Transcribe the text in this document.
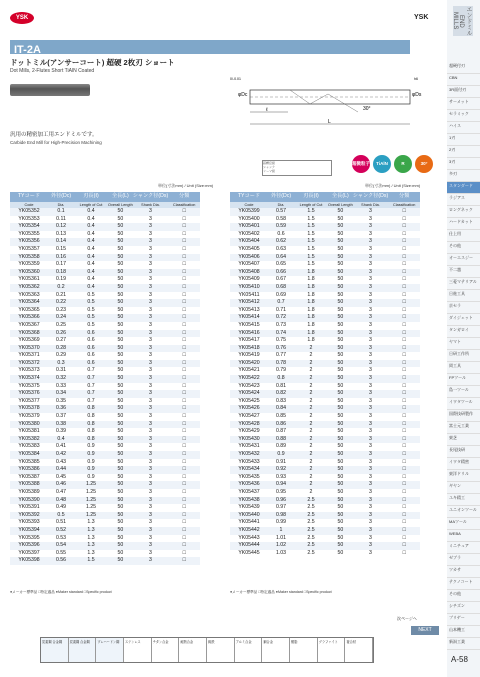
YSK	YSK
IT-2A
ドットミル(アンサーコート) 超硬 2枚刃 ショート
Dot Mills, 2-Flutes Short TiAlN Coated
汎用の精密加工用エンドミルです。
Carbide End Mill for High-Precision Machining
φDc	φDs
30°
ℓ
L
0/-0.01	h6
超精密級
シャンク
リーマ級
超微粒子 TiAlN	R	30°
単位(寸法mm) / Unit (Size:mm)	単位(寸法mm) / Unit (Size:mm)
TYコード	外径(Dc)	刃長(ℓ)	全長(L)	シャンク径(Ds)	分類
Code	Dia.	Length of Cut	Overall Length	Shank Dia.	Classification
YK05352	0.1	0.4	50	3	□
YK05353	0.11	0.4	50	3	□
YK05354	0.12	0.4	50	3	□
YK05355	0.13	0.4	50	3	□
YK05356	0.14	0.4	50	3	□
YK05357	0.15	0.4	50	3	□
YK05358	0.16	0.4	50	3	□
YK05359	0.17	0.4	50	3	□
YK05360	0.18	0.4	50	3	□
YK05361	0.19	0.4	50	3	□
YK05362	0.2	0.4	50	3	□
YK05363	0.21	0.5	50	3	□
YK05364	0.22	0.5	50	3	□
YK05365	0.23	0.5	50	3	□
YK05366	0.24	0.5	50	3	□
YK05367	0.25	0.5	50	3	□
YK05368	0.26	0.6	50	3	□
YK05369	0.27	0.6	50	3	□
YK05370	0.28	0.6	50	3	□
YK05371	0.29	0.6	50	3	□
YK05372	0.3	0.6	50	3	□
YK05373	0.31	0.7	50	3	□
YK05374	0.32	0.7	50	3	□
YK05375	0.33	0.7	50	3	□
YK05376	0.34	0.7	50	3	□
YK05377	0.35	0.7	50	3	□
YK05378	0.36	0.8	50	3	□
YK05379	0.37	0.8	50	3	□
YK05380	0.38	0.8	50	3	□
YK05381	0.39	0.8	50	3	□
YK05382	0.4	0.8	50	3	□
YK05383	0.41	0.9	50	3	□
YK05384	0.42	0.9	50	3	□
YK05385	0.43	0.9	50	3	□
YK05386	0.44	0.9	50	3	□
YK05387	0.45	0.9	50	3	□
YK05388	0.46	1.25	50	3	□
YK05389	0.47	1.25	50	3	□
YK05390	0.48	1.25	50	3	□
YK05391	0.49	1.25	50	3	□
YK05392	0.5	1.25	50	3	□
YK05393	0.51	1.3	50	3	□
YK05394	0.52	1.3	50	3	□
YK05395	0.53	1.3	50	3	□
YK05396	0.54	1.3	50	3	□
YK05397	0.55	1.3	50	3	□
YK05398	0.56	1.5	50	3	□
TYコード	外径(Dc)	刃長(ℓ)	全長(L)	シャンク径(Ds)	分類
Code	Dia.	Length of Cut	Overall Length	Shank Dia.	Classification
YK05399	0.57	1.5	50	3	□
YK05400	0.58	1.5	50	3	□
YK05401	0.59	1.5	50	3	□
YK05402	0.6	1.5	50	3	□
YK05404	0.62	1.5	50	3	□
YK05405	0.63	1.5	50	3	□
YK05406	0.64	1.5	50	3	□
YK05407	0.65	1.5	50	3	□
YK05408	0.66	1.8	50	3	□
YK05409	0.67	1.8	50	3	□
YK05410	0.68	1.8	50	3	□
YK05411	0.69	1.8	50	3	□
YK05412	0.7	1.8	50	3	□
YK05413	0.71	1.8	50	3	□
YK05414	0.72	1.8	50	3	□
YK05415	0.73	1.8	50	3	□
YK05416	0.74	1.8	50	3	□
YK05417	0.75	1.8	50	3	□
YK05418	0.76	2	50	3	□
YK05419	0.77	2	50	3	□
YK05420	0.78	2	50	3	□
YK05421	0.79	2	50	3	□
YK05422	0.8	2	50	3	□
YK05423	0.81	2	50	3	□
YK05424	0.82	2	50	3	□
YK05425	0.83	2	50	3	□
YK05426	0.84	2	50	3	□
YK05427	0.85	2	50	3	□
YK05428	0.86	2	50	3	□
YK05429	0.87	2	50	3	□
YK05430	0.88	2	50	3	□
YK05431	0.89	2	50	3	□
YK05432	0.9	2	50	3	□
YK05433	0.91	2	50	3	□
YK05434	0.92	2	50	3	□
YK05435	0.93	2	50	3	□
YK05436	0.94	2	50	3	□
YK05437	0.95	2	50	3	□
YK05438	0.96	2.5	50	3	□
YK05439	0.97	2.5	50	3	□
YK05440	0.98	2.5	50	3	□
YK05441	0.99	2.5	50	3	□
YK05442	1	2.5	50	3	□
YK05443	1.01	2.5	50	3	□
YK05444	1.02	2.5	50	3	□
YK05445	1.03	2.5	50	3	□
●メーカー標準品 □特定適品 ●Maker standard □Specific product	●メーカー標準品 □特定適品 ●Maker standard □Specific product
次ページへ
NEXT
炭素鋼 合金鋼	炭素鋼 合金鋼	プレハードン鋼	ステンレス	チタン合金	耐熱合金	鋳鉄	アルミ合金	銅合金	樹脂	グラファイト	複合材
超硬付刃
CBN
3R面付刃
サーメット
セラミック
ハイス
1刃
2刃
3刃
多刃
スタンダード
ラジアス
ロングネック
ハードカット
仕上用
その他
オーエスジー
不二越
三菱マテリアル
日進工具
京セラ
ダイジェット
タンガロイ
ヤマト
日研工作所
岡工具
FPツール
島一ツール
イワタツール
国際技研製作
富士元工業
東芝
長尾技研
イワタ精密
東洋ドリル
ギヤン
ユキ精工
ユニオンツール
MAツール
WEBA
ミニチュア
ゼブラ
ツカサ
テクノコート
その他
シチズン
プリゲー
山本機工
新潟工業
エンドミル END MILLS
A-58
